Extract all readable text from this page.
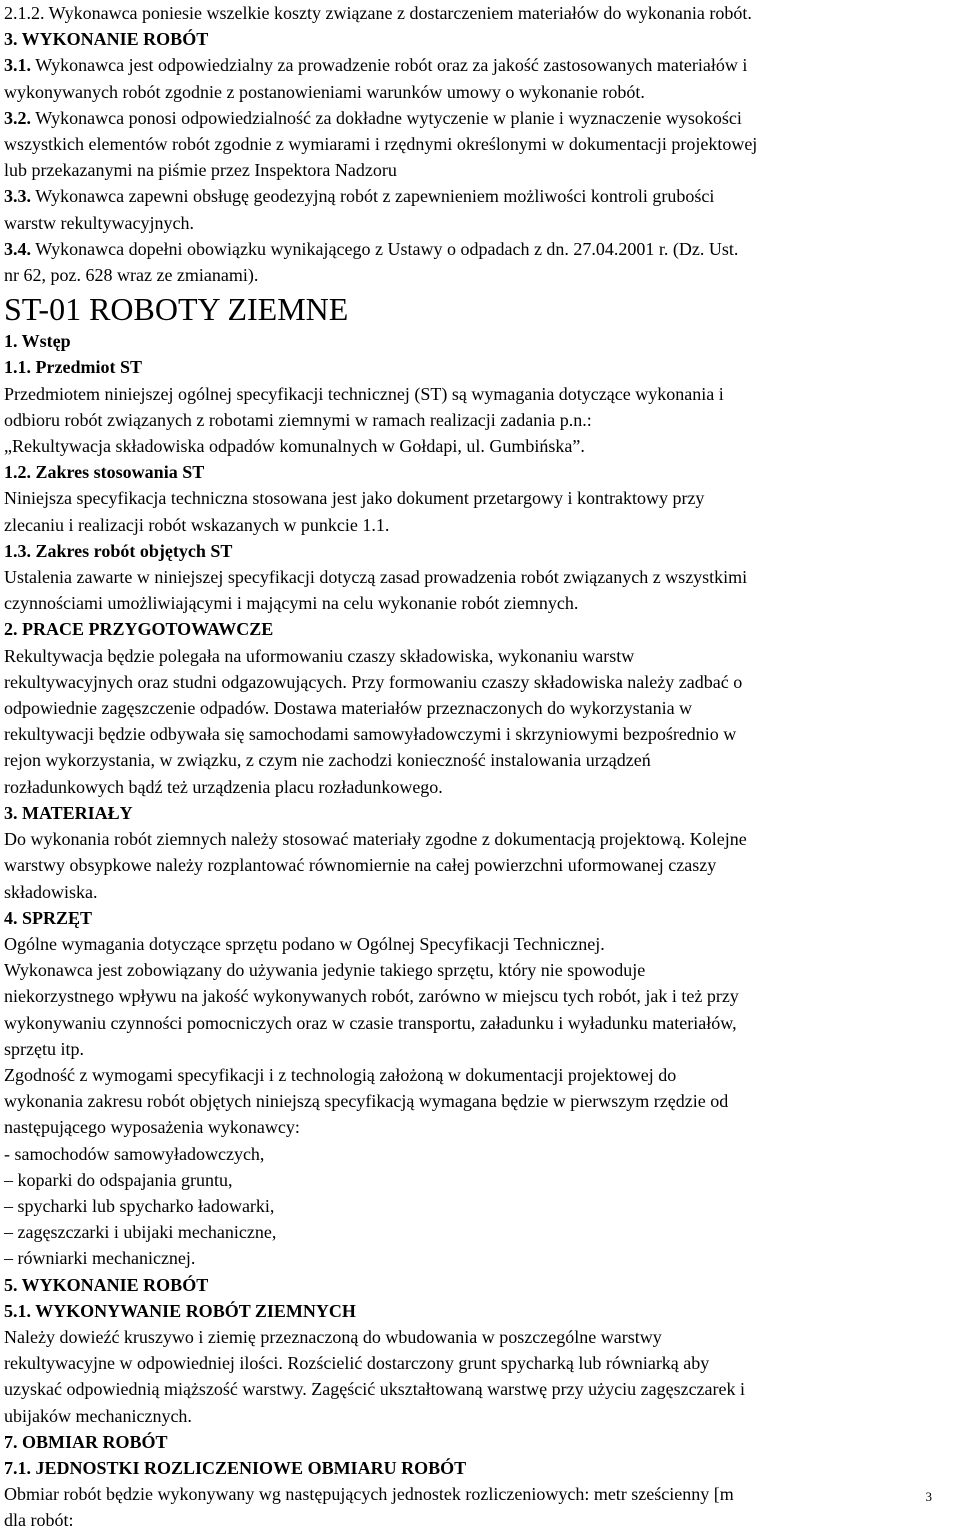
2.1.2. Wykonawca poniesie wszelkie koszty związane z dostarczeniem materiałów do wykonania robót.
3. WYKONANIE ROBÓT
3.1. Wykonawca jest odpowiedzialny za prowadzenie robót oraz za jakość zastosowanych materiałów i
wykonywanych robót zgodnie z postanowieniami warunków umowy o wykonanie robót.
3.2. Wykonawca ponosi odpowiedzialność za dokładne wytyczenie w planie i wyznaczenie wysokości
wszystkich elementów robót zgodnie z wymiarami i rzędnymi określonymi w dokumentacji projektowej
lub przekazanymi na piśmie przez Inspektora Nadzoru
3.3. Wykonawca zapewni obsługę geodezyjną robót z zapewnieniem możliwości kontroli grubości
warstw rekultywacyjnych.
3.4. Wykonawca dopełni obowiązku wynikającego z Ustawy o odpadach z dn. 27.04.2001 r. (Dz. Ust.
nr 62, poz. 628 wraz ze zmianami).
ST-01 ROBOTY ZIEMNE
1. Wstęp
1.1. Przedmiot ST
Przedmiotem niniejszej ogólnej specyfikacji technicznej (ST) są wymagania dotyczące wykonania i
odbioru robót związanych z robotami ziemnymi w ramach realizacji zadania p.n.:
„Rekultywacja składowiska odpadów komunalnych w Gołdapi, ul. Gumbińska”.
1.2. Zakres stosowania ST
Niniejsza specyfikacja techniczna stosowana jest jako dokument przetargowy i kontraktowy przy
zlecaniu i realizacji robót wskazanych w punkcie 1.1.
1.3. Zakres robót objętych ST
Ustalenia zawarte w niniejszej specyfikacji dotyczą zasad prowadzenia robót związanych z wszystkimi
czynnościami umożliwiającymi i mającymi na celu wykonanie robót ziemnych.
2. PRACE PRZYGOTOWAWCZE
Rekultywacja będzie polegała na uformowaniu czaszy składowiska, wykonaniu warstw
rekultywacyjnych oraz studni odgazowujących. Przy formowaniu czaszy składowiska należy zadbać o
odpowiednie zagęszczenie odpadów. Dostawa materiałów przeznaczonych do wykorzystania w
rekultywacji będzie odbywała się samochodami samowyładowczymi i skrzyniowymi bezpośrednio w
rejon wykorzystania, w związku, z czym nie zachodzi konieczność instalowania urządzeń
rozładunkowych bądź też urządzenia placu rozładunkowego.
3. MATERIAŁY
Do wykonania robót ziemnych należy stosować materiały zgodne z dokumentacją projektową. Kolejne
warstwy obsypkowe należy rozplantować równomiernie na całej powierzchni uformowanej czaszy
składowiska.
4. SPRZĘT
Ogólne wymagania dotyczące sprzętu podano w Ogólnej Specyfikacji Technicznej.
Wykonawca jest zobowiązany do używania jedynie takiego sprzętu, który nie spowoduje
niekorzystnego wpływu na jakość wykonywanych robót, zarówno w miejscu tych robót, jak i też przy
wykonywaniu czynności pomocniczych oraz w czasie transportu, załadunku i wyładunku materiałów,
sprzętu itp.
Zgodność z wymogami specyfikacji i z technologią założoną w dokumentacji projektowej do
wykonania zakresu robót objętych niniejszą specyfikacją wymagana będzie w pierwszym rzędzie od
następującego wyposażenia wykonawcy:
- samochodów samowyładowczych,
– koparki do odspajania gruntu,
– spycharki lub spycharko ładowarki,
– zagęszczarki i ubijaki mechaniczne,
– równiarki mechanicznej.
5. WYKONANIE ROBÓT
5.1. WYKONYWANIE ROBÓT ZIEMNYCH
Należy dowieźć kruszywo i ziemię przeznaczoną do wbudowania w poszczególne warstwy
rekultywacyjne w odpowiedniej ilości. Rozścielić dostarczony grunt spycharką lub równiarką aby
uzyskać odpowiednią miąższość warstwy. Zagęścić ukształtowaną warstwę przy użyciu zagęszczarek i
ubijaków mechanicznych.
7. OBMIAR ROBÓT
7.1. JEDNOSTKI ROZLICZENIOWE OBMIARU ROBÓT
Obmiar robót będzie wykonywany wg następujących jednostek rozliczeniowych: metr sześcienny [m
dla robót:
3
